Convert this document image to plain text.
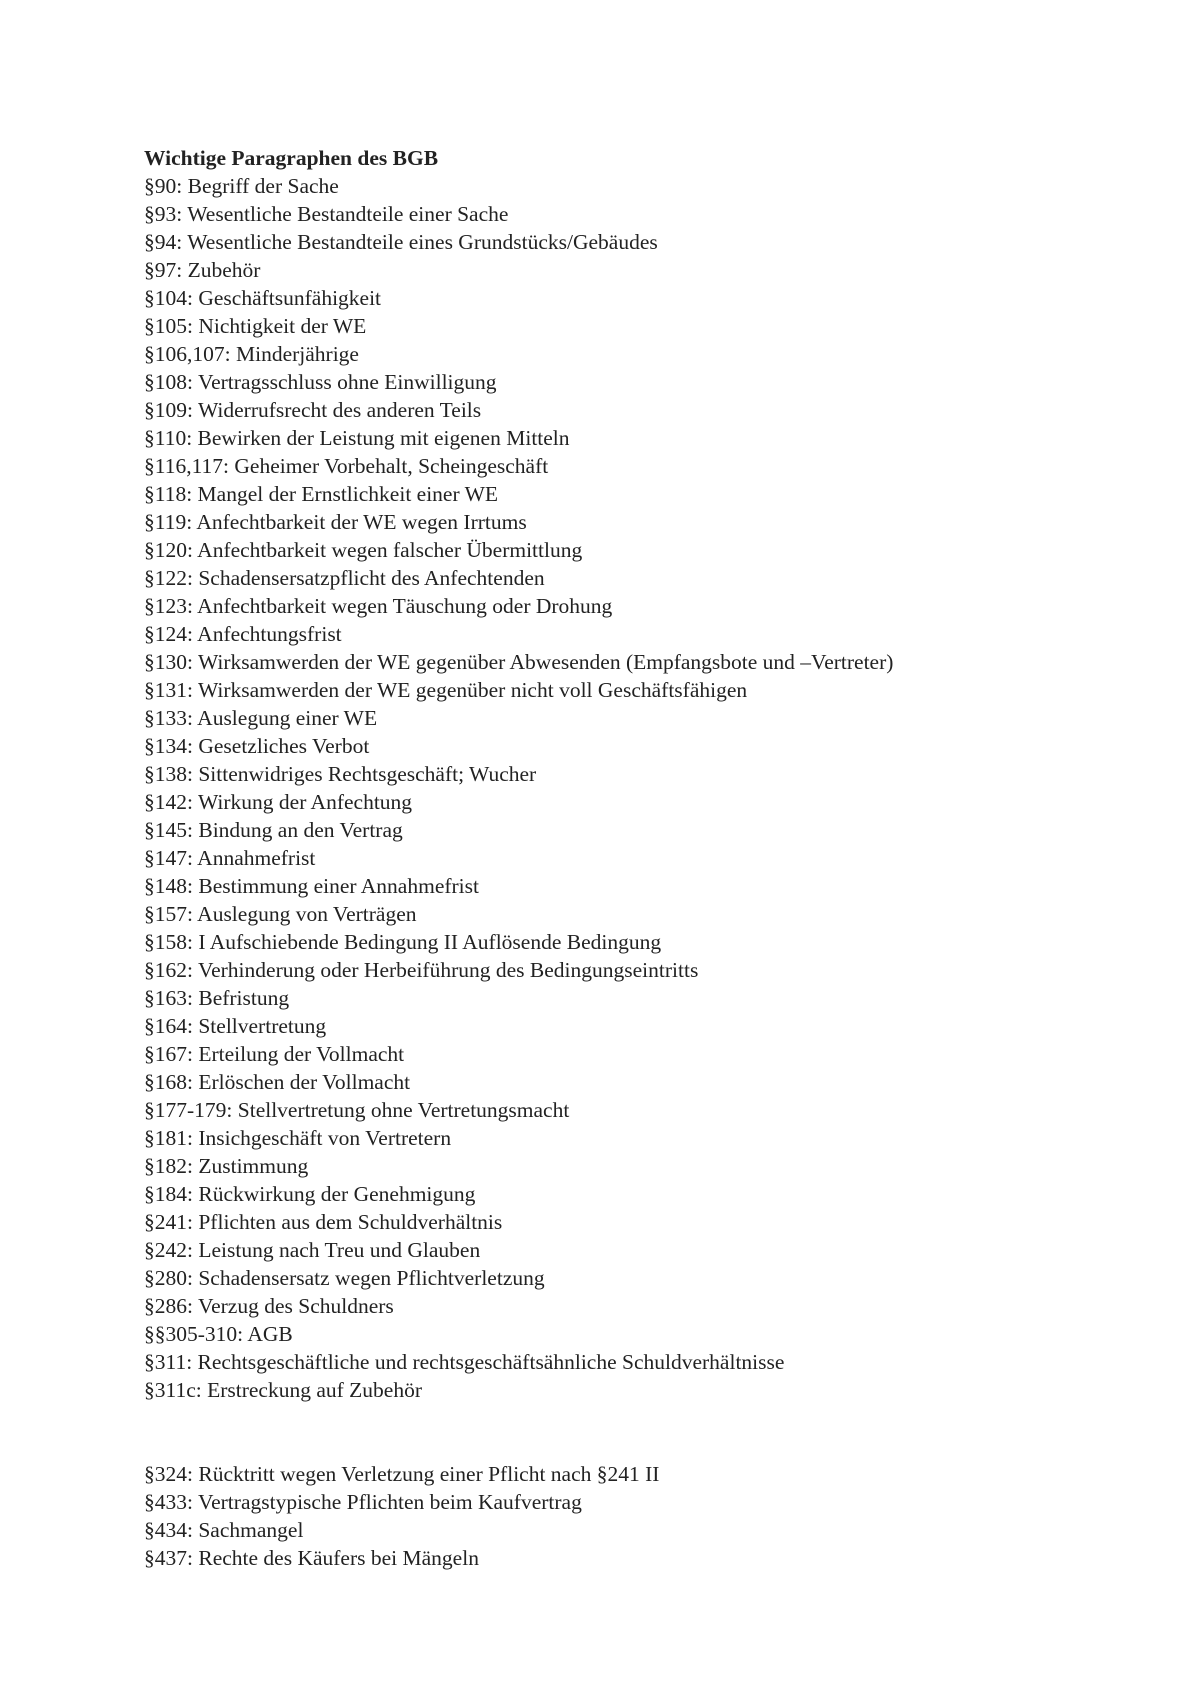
Wichtige Paragraphen des BGB
§90: Begriff der Sache
§93: Wesentliche Bestandteile einer Sache
§94: Wesentliche Bestandteile eines Grundstücks/Gebäudes
§97: Zubehör
§104: Geschäftsunfähigkeit
§105: Nichtigkeit der WE
§106,107: Minderjährige
§108: Vertragsschluss ohne Einwilligung
§109: Widerrufsrecht des anderen Teils
§110: Bewirken der Leistung mit eigenen Mitteln
§116,117: Geheimer Vorbehalt, Scheingeschäft
§118: Mangel der Ernstlichkeit einer WE
§119: Anfechtbarkeit der WE wegen Irrtums
§120: Anfechtbarkeit wegen falscher Übermittlung
§122: Schadensersatzpflicht des Anfechtenden
§123: Anfechtbarkeit wegen Täuschung oder Drohung
§124: Anfechtungsfrist
§130: Wirksamwerden der WE gegenüber Abwesenden (Empfangsbote und –Vertreter)
§131: Wirksamwerden der WE gegenüber nicht voll Geschäftsfähigen
§133: Auslegung einer WE
§134: Gesetzliches Verbot
§138: Sittenwidriges Rechtsgeschäft; Wucher
§142: Wirkung der Anfechtung
§145: Bindung an den Vertrag
§147: Annahmefrist
§148: Bestimmung einer Annahmefrist
§157: Auslegung von Verträgen
§158: I Aufschiebende Bedingung II Auflösende Bedingung
§162: Verhinderung oder Herbeiführung des Bedingungseintritts
§163: Befristung
§164: Stellvertretung
§167: Erteilung der Vollmacht
§168: Erlöschen der Vollmacht
§177-179: Stellvertretung ohne Vertretungsmacht
§181: Insichgeschäft von Vertretern
§182: Zustimmung
§184: Rückwirkung der Genehmigung
§241: Pflichten aus dem Schuldverhältnis
§242: Leistung nach Treu und Glauben
§280: Schadensersatz wegen Pflichtverletzung
§286: Verzug des Schuldners
§§305-310: AGB
§311: Rechtsgeschäftliche und rechtsgeschäftsähnliche Schuldverhältnisse
§311c: Erstreckung auf Zubehör
§324: Rücktritt wegen Verletzung einer Pflicht nach §241 II
§433: Vertragstypische Pflichten beim Kaufvertrag
§434: Sachmangel
§437: Rechte des Käufers bei Mängeln
